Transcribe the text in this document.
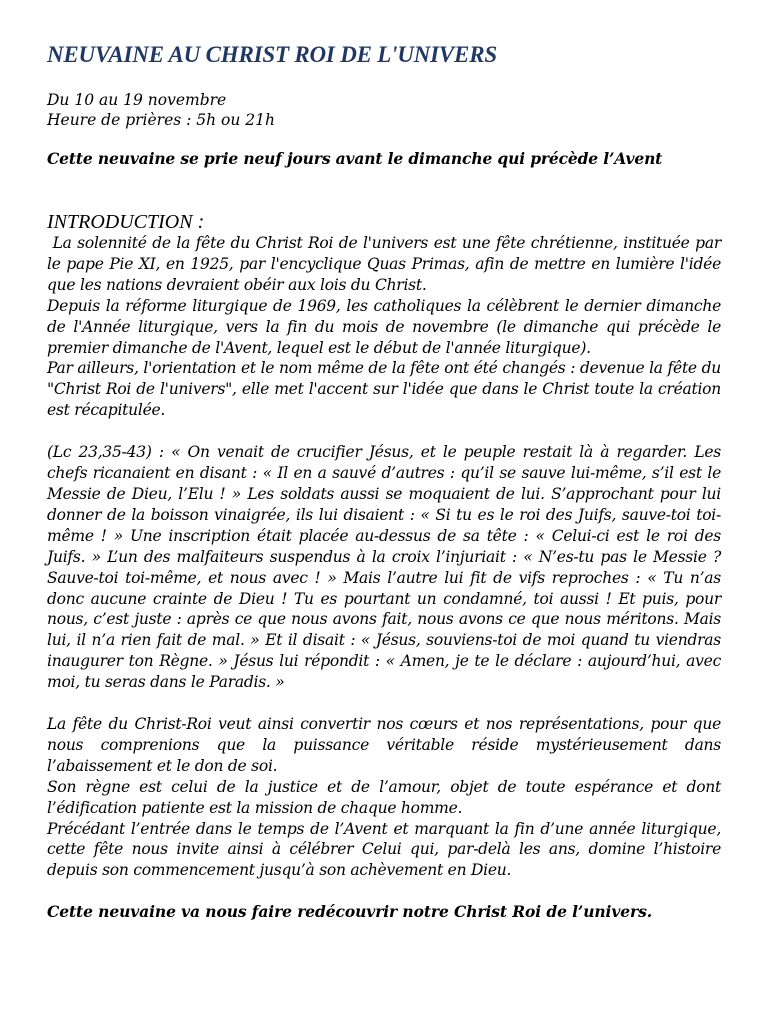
NEUVAINE AU CHRIST ROI DE L'UNIVERS
Du 10 au 19 novembre
Heure de prières : 5h ou 21h
Cette neuvaine se prie neuf jours avant le dimanche qui précède l’Avent
INTRODUCTION :

La solennité de la fête du Christ Roi de l'univers est une fête chrétienne, instituée par le pape Pie XI, en 1925, par l'encyclique Quas Primas, afin de mettre en lumière l'idée que les nations devraient obéir aux lois du Christ.

Depuis la réforme liturgique de 1969, les catholiques la célèbrent le dernier dimanche de l'Année liturgique, vers la fin du mois de novembre (le dimanche qui précède le premier dimanche de l'Avent, lequel est le début de l'année liturgique).

Par ailleurs, l'orientation et le nom même de la fête ont été changés : devenue la fête du "Christ Roi de l'univers", elle met l'accent sur l'idée que dans le Christ toute la création est récapitulée.

(Lc 23,35-43) : « On venait de crucifier Jésus, et le peuple restait là à regarder. Les chefs ricanaient en disant : « Il en a sauvé d’autres : qu’il se sauve lui-même, s’il est le Messie de Dieu, l’Elu ! » Les soldats aussi se moquaient de lui. S’approchant pour lui donner de la boisson vinaigrée, ils lui disaient : « Si tu es le roi des Juifs, sauve-toi toi-même ! » Une inscription était placée au-dessus de sa tête : « Celui-ci est le roi des Juifs. » L’un des malfaiteurs suspendus à la croix l’injuriait : « N’es-tu pas le Messie ? Sauve-toi toi-même, et nous avec ! » Mais l’autre lui fit de vifs reproches : « Tu n’as donc aucune crainte de Dieu ! Tu es pourtant un condamné, toi aussi ! Et puis, pour nous, c’est juste : après ce que nous avons fait, nous avons ce que nous méritons. Mais lui, il n’a rien fait de mal. » Et il disait : « Jésus, souviens-toi de moi quand tu viendras inaugurer ton Règne. » Jésus lui répondit : « Amen, je te le déclare : aujourd’hui, avec moi, tu seras dans le Paradis. »

La fête du Christ-Roi veut ainsi convertir nos cœurs et nos représentations, pour que nous comprenions que la puissance véritable réside mystérieusement dans l’abaissement et le don de soi.

Son règne est celui de la justice et de l’amour, objet de toute espérance et dont l’édification patiente est la mission de chaque homme.

Précédant l’entrée dans le temps de l’Avent et marquant la fin d’une année liturgique, cette fête nous invite ainsi à célébrer Celui qui, par-delà les ans, domine l’histoire depuis son commencement jusqu’à son achèvement en Dieu.

Cette neuvaine va nous faire redécouvrir notre Christ Roi de l’univers.
